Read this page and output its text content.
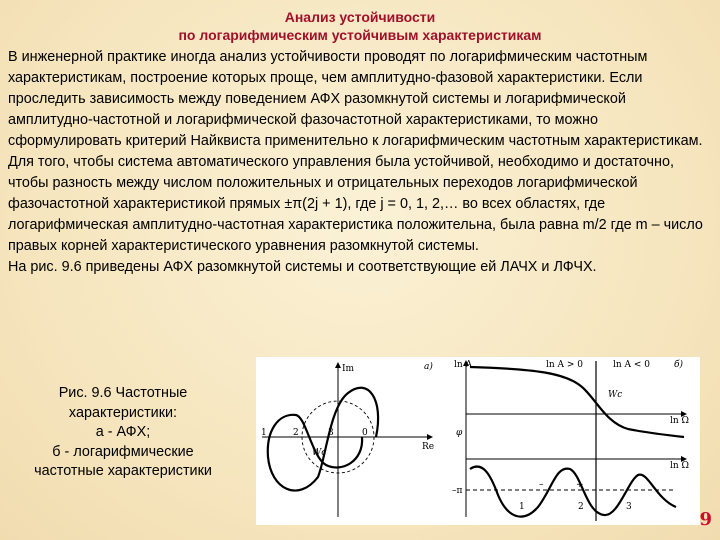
Анализ устойчивости
по логарифмическим устойчивым характеристикам

В инженерной практике иногда анализ устойчивости проводят по логарифмическим частотным характеристикам, построение которых проще, чем амплитудно-фазовой характеристики. Если проследить зависимость между поведением АФХ разомкнутой системы и логарифмической амплитудно-частотной и логарифмической фазочастотной характеристиками, то можно сформулировать критерий Найквиста применительно к логарифмическим частотным характеристикам.

Для того, чтобы система автоматического управления была устойчивой, необходимо и достаточно, чтобы разность между числом положительных и отрицательных переходов логарифмической фазочастотной характеристикой прямых ±π(2j + 1), где j = 0, 1, 2,… во всех областях, где логарифмическая амплитудно-частотная характеристика положительна, была равна m/2 где m – число правых корней характеристического уравнения разомкнутой системы.

На рис. 9.6 приведены АФХ разомкнутой системы и соответствующие ей ЛАЧХ и ЛФЧХ.

Рис. 9.6 Частотные
характеристики:
а - АФХ;
б - логарифмические
частотные характеристики
Im
Re
а)
1	2	3	0
Wc
ln A	ln A > 0	ln A < 0	б)
Wc
ln Ω
φ
ln Ω
–π
–	+
1	2	3
9
